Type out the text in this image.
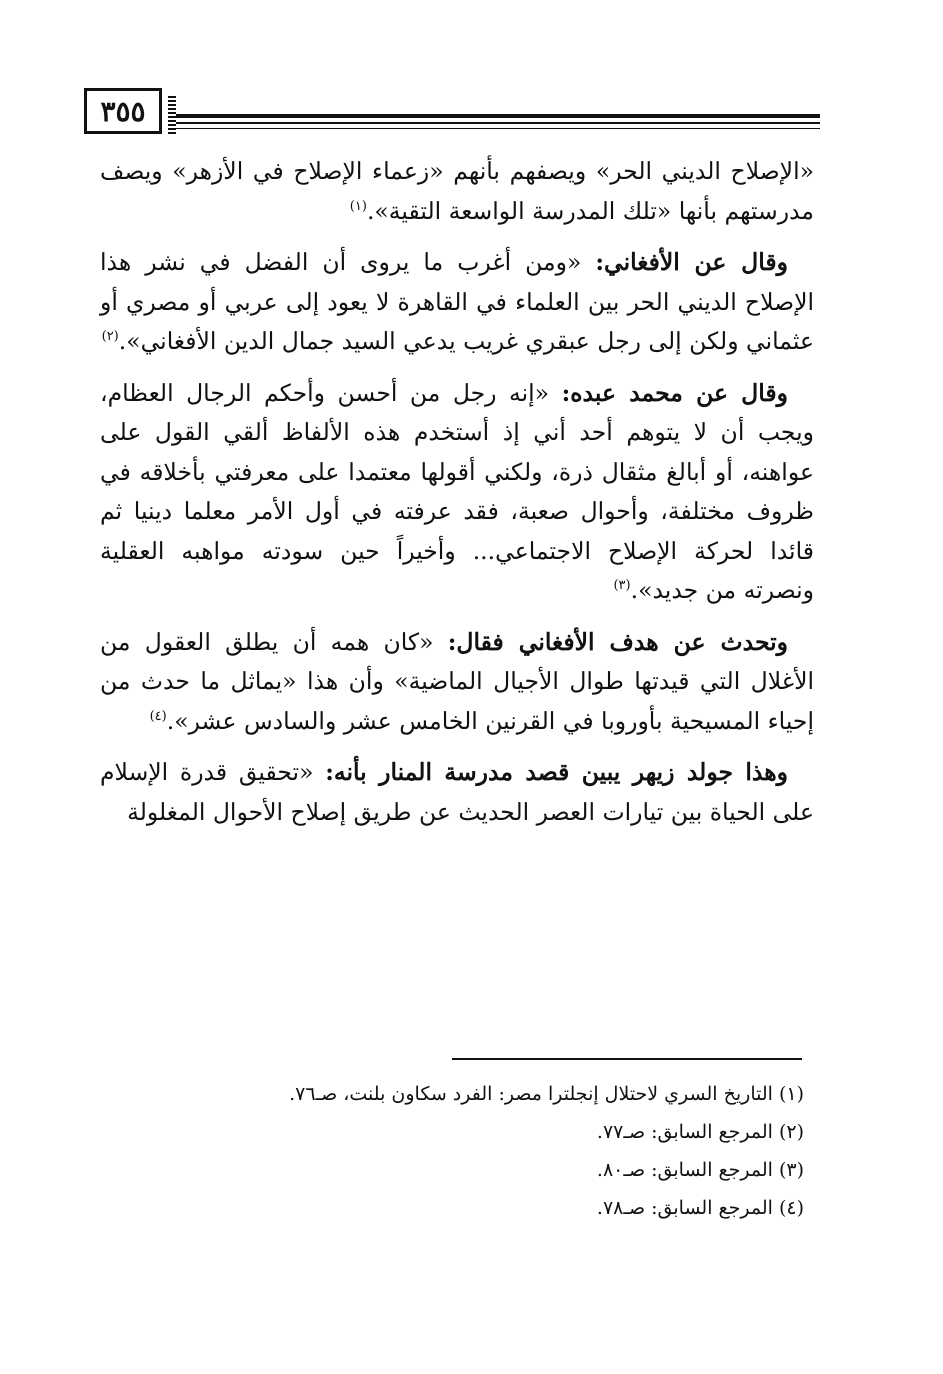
٣٥٥

«الإصلاح الديني الحر» ويصفهم بأنهم «زعماء الإصلاح في الأزهر» ويصف مدرستهم بأنها «تلك المدرسة الواسعة التقية».$^{(١)}$

وقال عن الأفغاني: «ومن أغرب ما يروى أن الفضل في نشر هذا الإصلاح الديني الحر بين العلماء في القاهرة لا يعود إلى عربي أو مصري أو عثماني ولكن إلى رجل عبقري غريب يدعي السيد جمال الدين الأفغاني».$^{(٢)}$

وقال عن محمد عبده: «إنه رجل من أحسن وأحكم الرجال العظام، ويجب أن لا يتوهم أحد أني إذ أستخدم هذه الألفاظ ألقي القول على عواهنه، أو أبالغ مثقال ذرة، ولكني أقولها معتمدا على معرفتي بأخلاقه في ظروف مختلفة، وأحوال صعبة، فقد عرفته في أول الأمر معلما دينيا ثم قائدا لحركة الإصلاح الاجتماعي... وأخيراً حين سودته مواهبه العقلية ونصرته من جديد».$^{(٣)}$

وتحدث عن هدف الأفغاني فقال: «كان همه أن يطلق العقول من الأغلال التي قيدتها طوال الأجيال الماضية» وأن هذا «يماثل ما حدث من إحياء المسيحية بأوروبا في القرنين الخامس عشر والسادس عشر».$^{(٤)}$

وهذا جولد زيهر يبين قصد مدرسة المنار بأنه: «تحقيق قدرة الإسلام على الحياة بين تيارات العصر الحديث عن طريق إصلاح الأحوال المغلولة

(١) التاريخ السري لاحتلال إنجلترا مصر: الفرد سكاون بلنت، صـ٧٦.

(٢) المرجع السابق: صـ٧٧.

(٣) المرجع السابق: صـ٨٠.

(٤) المرجع السابق: صـ٧٨.
